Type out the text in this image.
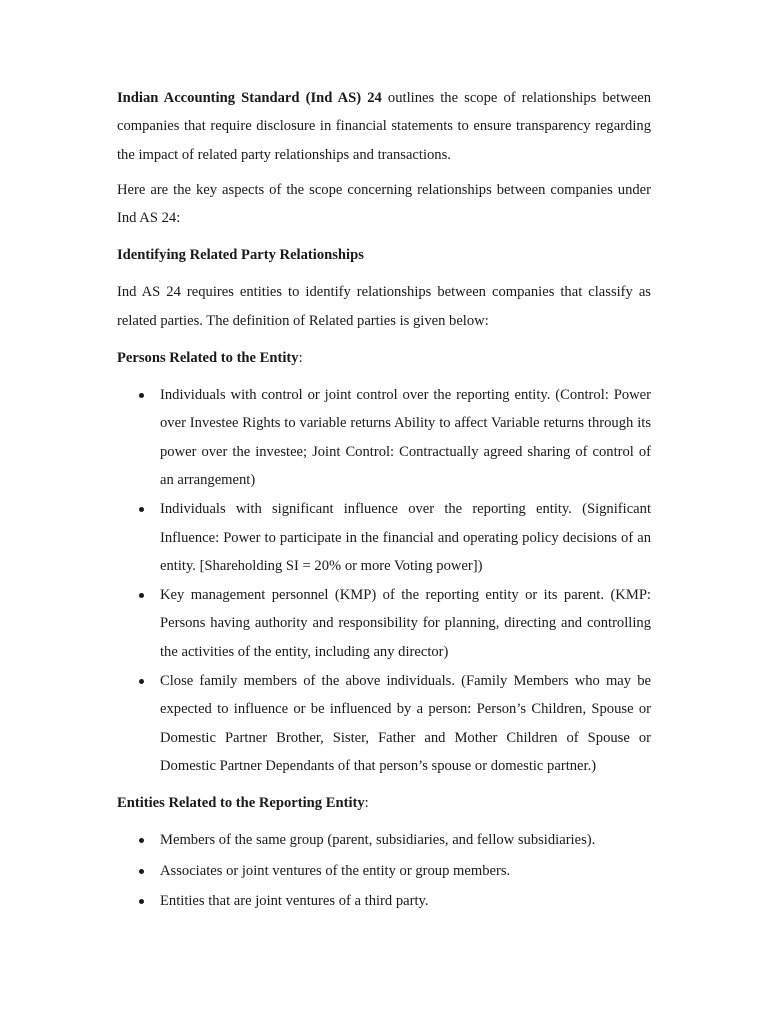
Indian Accounting Standard (Ind AS) 24 outlines the scope of relationships between companies that require disclosure in financial statements to ensure transparency regarding the impact of related party relationships and transactions.

Here are the key aspects of the scope concerning relationships between companies under Ind AS 24:

Identifying Related Party Relationships

Ind AS 24 requires entities to identify relationships between companies that classify as related parties. The definition of Related parties is given below:

Persons Related to the Entity:
Individuals with control or joint control over the reporting entity. (Control: Power over Investee Rights to variable returns Ability to affect Variable returns through its power over the investee; Joint Control: Contractually agreed sharing of control of an arrangement)
Individuals with significant influence over the reporting entity. (Significant Influence: Power to participate in the financial and operating policy decisions of an entity. [Shareholding SI = 20% or more Voting power])
Key management personnel (KMP) of the reporting entity or its parent. (KMP: Persons having authority and responsibility for planning, directing and controlling the activities of the entity, including any director)
Close family members of the above individuals. (Family Members who may be expected to influence or be influenced by a person: Person’s Children, Spouse or Domestic Partner Brother, Sister, Father and Mother Children of Spouse or Domestic Partner Dependants of that person’s spouse or domestic partner.)
Entities Related to the Reporting Entity:
Members of the same group (parent, subsidiaries, and fellow subsidiaries).
Associates or joint ventures of the entity or group members.
Entities that are joint ventures of a third party.
